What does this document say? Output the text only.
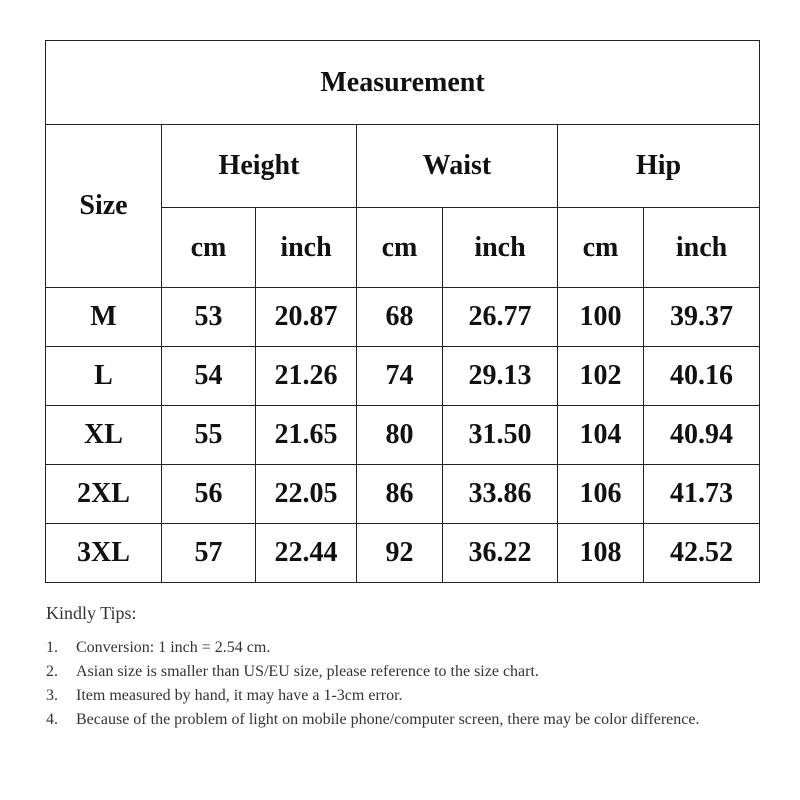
Measurement						
Size	Height		Waist		Hip	
	cm	inch	cm	inch	cm	inch
M	53	20.87	68	26.77	100	39.37
L	54	21.26	74	29.13	102	40.16
XL	55	21.65	80	31.50	104	40.94
2XL	56	22.05	86	33.86	106	41.73
3XL	57	22.44	92	36.22	108	42.52
Kindly Tips:
1. Conversion: 1 inch = 2.54 cm.
2. Asian size is smaller than US/EU size, please reference to the size chart.
3. Item measured by hand, it may have a 1-3cm error.
4. Because of the problem of light on mobile phone/computer screen, there may be color difference.
